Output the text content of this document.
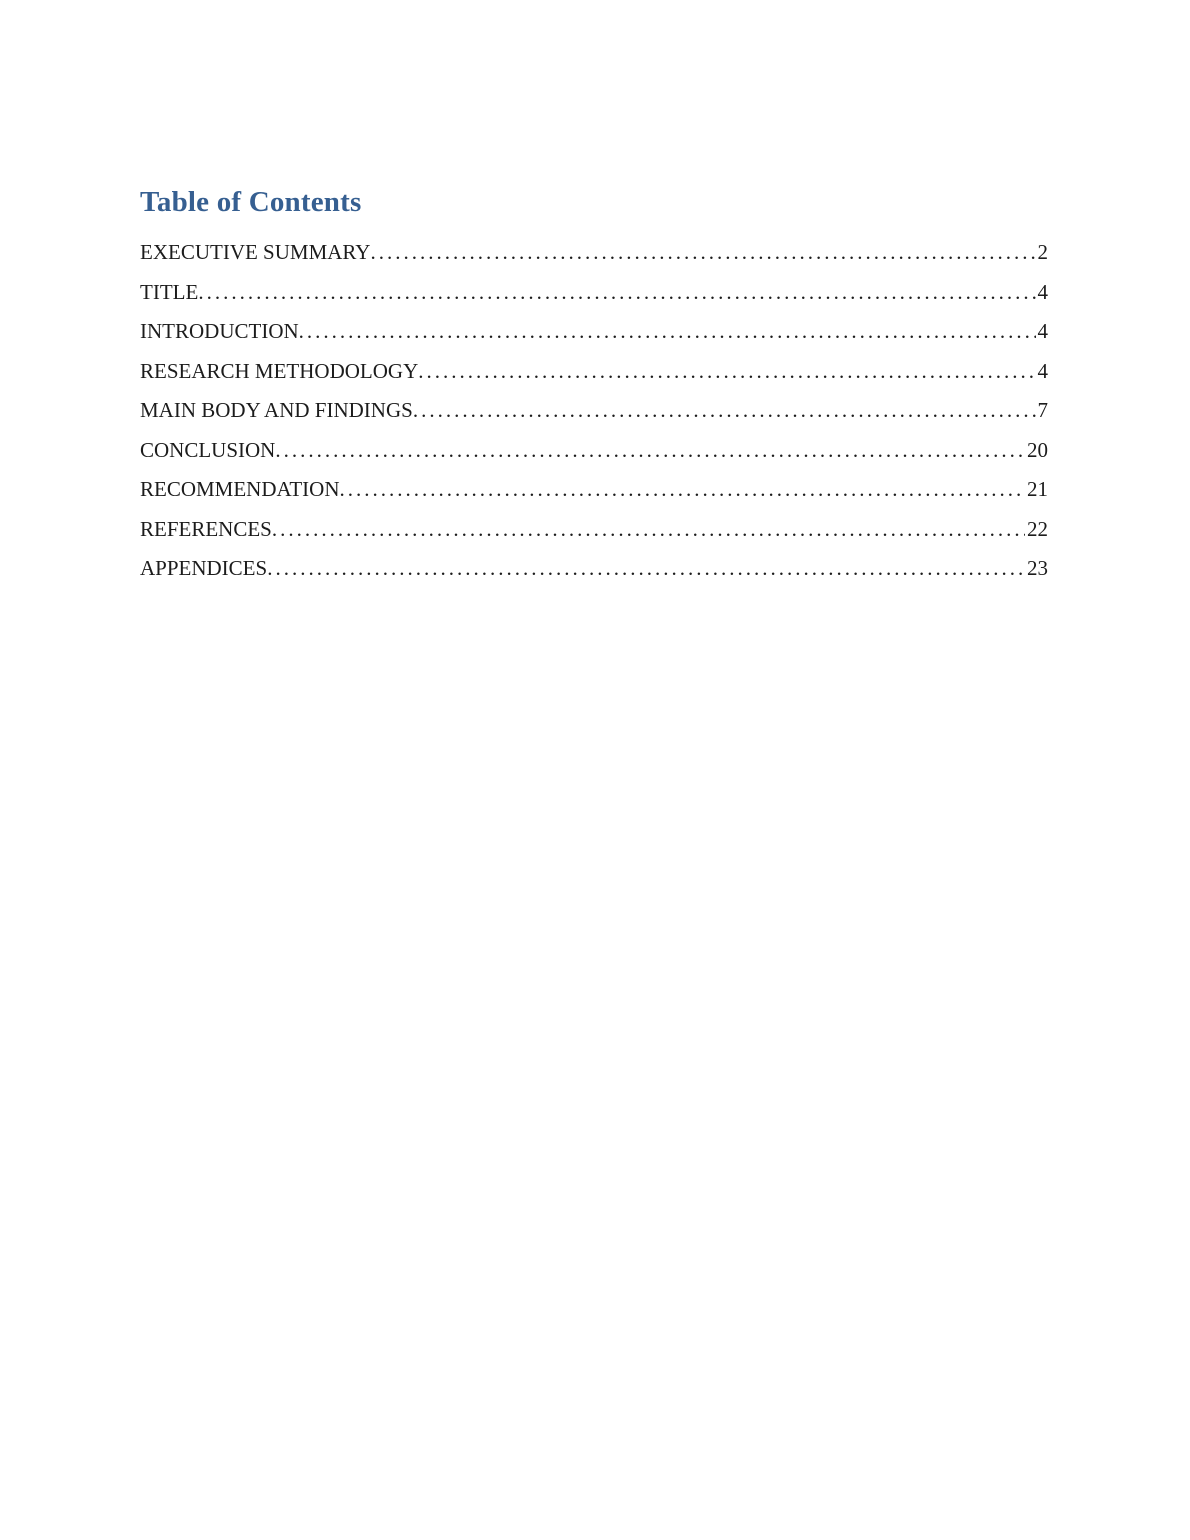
Table of Contents
EXECUTIVE SUMMARY .....	2
TITLE .....	4
INTRODUCTION .....	4
RESEARCH METHODOLOGY .....	4
MAIN BODY AND FINDINGS .....	7
CONCLUSION .....	20
RECOMMENDATION .....	21
REFERENCES .....	22
APPENDICES .....	23
